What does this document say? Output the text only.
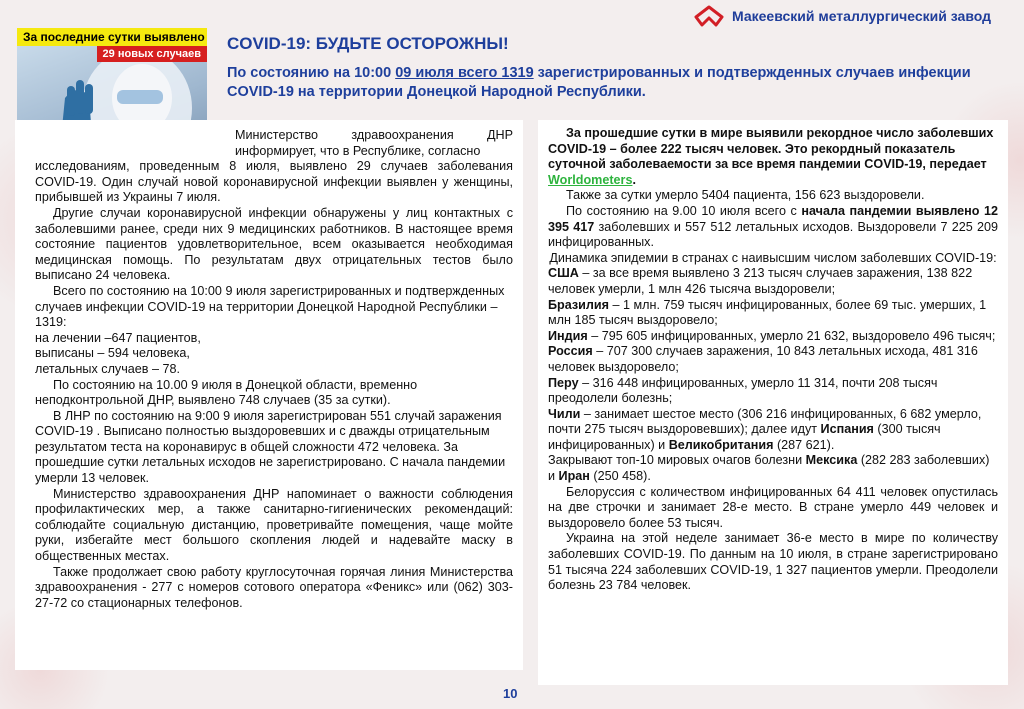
Макеевский металлургический завод
За последние сутки выявлено
29 новых случаев
COVID-19: БУДЬТЕ ОСТОРОЖНЫ!
По состоянию на 10:00 09 июля всего 1319 зарегистрированных и подтвержденных случаев инфекции COVID-19 на территории Донецкой Народной Республики.
Министерство здравоохранения ДНР информирует, что в Республике, согласно
исследованиям, проведенным 8 июля, выявлено 29 случаев заболевания COVID-19. Один случай новой коронавирусной инфекции выявлен у женщины, прибывшей из Украины 7 июля.
Другие случаи коронавирусной инфекции обнаружены у лиц контактных с заболевшими ранее, среди них 9 медицинских работников. В настоящее время состояние пациентов удовлетворительное, всем оказывается необходимая медицинская помощь. По результатам двух отрицательных тестов было выписано 24 человека.
Всего по состоянию на 10:00 9 июля зарегистрированных и подтвержденных случаев инфекции COVID-19 на территории Донецкой Народной Республики –1319:
на лечении –647 пациентов,
выписаны – 594 человека,
летальных случаев – 78.
По состоянию на 10.00 9 июля в Донецкой области, временно неподконтрольной ДНР, выявлено 748 случаев (35 за сутки).
В ЛНР по состоянию на 9:00 9 июля зарегистрирован 551 случай заражения COVID-19 . Выписано полностью выздоровевших и с дважды отрицательным результатом теста на коронавирус в общей сложности 472 человека. За прошедшие сутки летальных исходов не зарегистрировано. С начала пандемии умерли 13 человек.
Министерство здравоохранения ДНР напоминает о важности соблюдения профилактических мер, а также санитарно-гигиенических рекомендаций: соблюдайте социальную дистанцию, проветривайте помещения, чаще мойте руки, избегайте мест большого скопления людей и надевайте маску в общественных местах.
Также продолжает свою работу круглосуточная горячая линия Министерства здравоохранения - 277 с номеров сотового оператора «Феникс» или (062) 303-27-72 со стационарных телефонов.
За прошедшие сутки в мире выявили рекордное число заболевших COVID-19 – более 222 тысяч человек. Это рекордный показатель суточной заболеваемости за все время пандемии COVID-19, передает Worldometers.
Также за сутки умерло 5404 пациента, 156 623 выздоровели.
По состоянию на 9.00 10 июля всего с начала пандемии выявлено 12 395 417 заболевших и 557 512 летальных исходов. Выздоровели 7 225 209 инфицированных.
Динамика эпидемии в странах с наивысшим числом заболевших COVID-19:
США – за все время выявлено 3 213 тысяч случаев заражения, 138 822 человек умерли, 1 млн 426 тысяча выздоровели;
Бразилия – 1 млн. 759 тысяч инфицированных, более 69 тыс. умерших, 1 млн 185 тысяч выздоровело;
Индия – 795 605 инфицированных, умерло 21 632, выздоровело 496 тысяч;
Россия – 707 300 случаев заражения, 10 843 летальных исхода, 481 316 человек выздоровело;
Перу – 316 448 инфицированных, умерло 11 314, почти 208 тысяч преодолели болезнь;
Чили – занимает шестое место (306 216 инфицированных, 6 682 умерло, почти 275 тысяч выздоровевших); далее идут Испания (300 тысяч инфицированных) и Великобритания (287 621).
Закрывают топ-10 мировых очагов болезни Мексика (282 283 заболевших) и Иран (250 458).
Белоруссия с количеством инфицированных 64 411 человек опустилась на две строчки и занимает 28-е место. В стране умерло 449 человек и выздоровело более 53 тысяч.
Украина на этой неделе занимает 36-е место в мире по количеству заболевших COVID-19. По данным на 10 июля, в стране зарегистрировано 51 тысяча 224 заболевших COVID-19, 1 327 пациентов умерли. Преодолели болезнь 23 784 человек.
10
